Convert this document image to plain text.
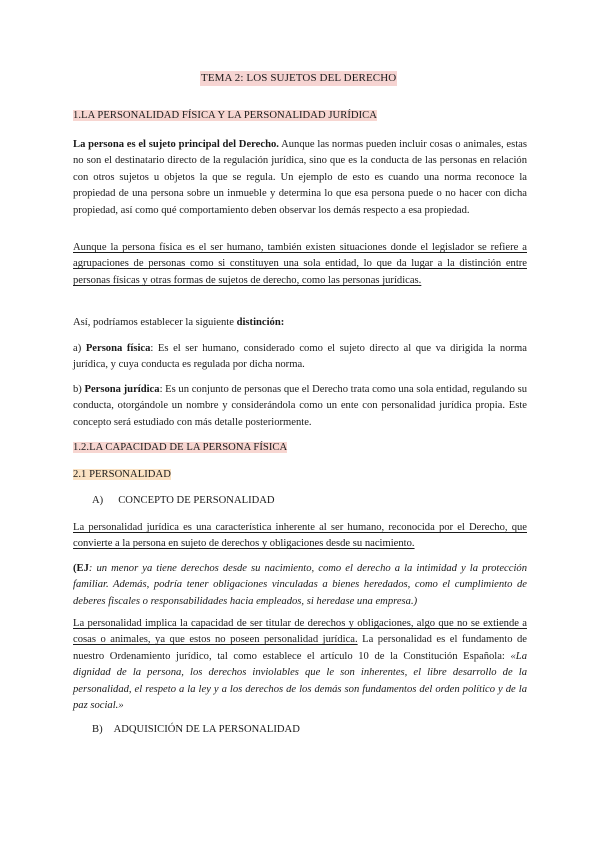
TEMA 2: LOS SUJETOS DEL DERECHO
1.LA PERSONALIDAD FÍSICA Y LA PERSONALIDAD JURÍDICA
La persona es el sujeto principal del Derecho. Aunque las normas pueden incluir cosas o animales, estas no son el destinatario directo de la regulación jurídica, sino que es la conducta de las personas en relación con otros sujetos u objetos la que se regula. Un ejemplo de esto es cuando una norma reconoce la propiedad de una persona sobre un inmueble y determina lo que esa persona puede o no hacer con dicha propiedad, así como qué comportamiento deben observar los demás respecto a esa propiedad.
Aunque la persona física es el ser humano, también existen situaciones donde el legislador se refiere a agrupaciones de personas como si constituyen una sola entidad, lo que da lugar a la distinción entre personas físicas y otras formas de sujetos de derecho, como las personas jurídicas.
Así, podríamos establecer la siguiente distinción:
a) Persona física: Es el ser humano, considerado como el sujeto directo al que va dirigida la norma jurídica, y cuya conducta es regulada por dicha norma.
b) Persona jurídica: Es un conjunto de personas que el Derecho trata como una sola entidad, regulando su conducta, otorgándole un nombre y considerándola como un ente con personalidad jurídica propia. Este concepto será estudiado con más detalle posteriormente.
1.2.LA CAPACIDAD DE LA PERSONA FÍSICA
2.1 PERSONALIDAD
A) CONCEPTO DE PERSONALIDAD
La personalidad jurídica es una característica inherente al ser humano, reconocida por el Derecho, que convierte a la persona en sujeto de derechos y obligaciones desde su nacimiento.
(EJ: un menor ya tiene derechos desde su nacimiento, como el derecho a la intimidad y la protección familiar. Además, podría tener obligaciones vinculadas a bienes heredados, como el cumplimiento de deberes fiscales o responsabilidades hacia empleados, si heredase una empresa.)
La personalidad implica la capacidad de ser titular de derechos y obligaciones, algo que no se extiende a cosas o animales, ya que estos no poseen personalidad jurídica. La personalidad es el fundamento de nuestro Ordenamiento jurídico, tal como establece el artículo 10 de la Constitución Española: «La dignidad de la persona, los derechos inviolables que le son inherentes, el libre desarrollo de la personalidad, el respeto a la ley y a los derechos de los demás son fundamentos del orden político y de la paz social.»
B) ADQUISICIÓN DE LA PERSONALIDAD
